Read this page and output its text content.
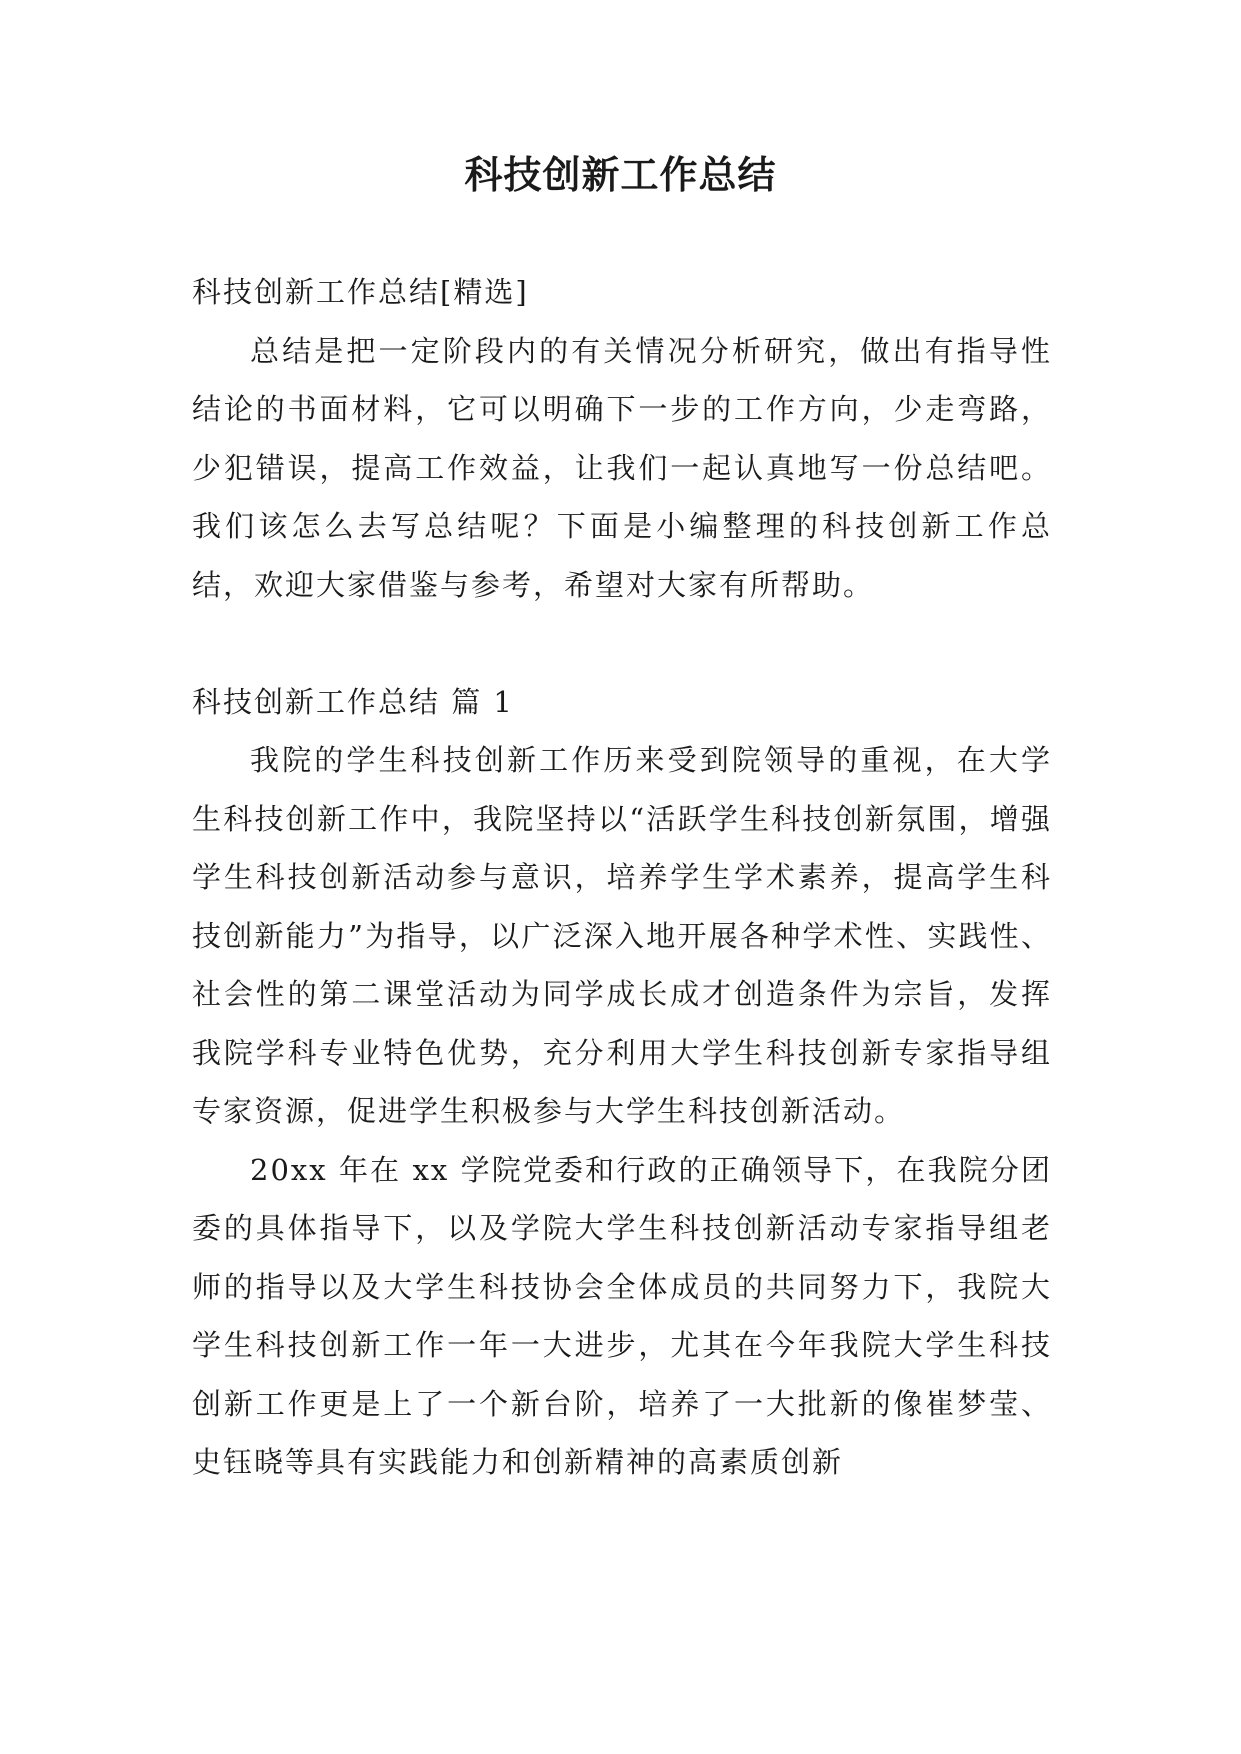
科技创新工作总结

科技创新工作总结[精选]

总结是把一定阶段内的有关情况分析研究，做出有指导性结论的书面材料，它可以明确下一步的工作方向，少走弯路，少犯错误，提高工作效益，让我们一起认真地写一份总结吧。我们该怎么去写总结呢？下面是小编整理的科技创新工作总结，欢迎大家借鉴与参考，希望对大家有所帮助。

科技创新工作总结 篇 1

我院的学生科技创新工作历来受到院领导的重视，在大学生科技创新工作中，我院坚持以“活跃学生科技创新氛围，增强学生科技创新活动参与意识，培养学生学术素养，提高学生科技创新能力”为指导，以广泛深入地开展各种学术性、实践性、社会性的第二课堂活动为同学成长成才创造条件为宗旨，发挥我院学科专业特色优势，充分利用大学生科技创新专家指导组专家资源，促进学生积极参与大学生科技创新活动。

20xx 年在 xx 学院党委和行政的正确领导下，在我院分团委的具体指导下，以及学院大学生科技创新活动专家指导组老师的指导以及大学生科技协会全体成员的共同努力下，我院大学生科技创新工作一年一大进步，尤其在今年我院大学生科技创新工作更是上了一个新台阶，培养了一大批新的像崔梦莹、史钰晓等具有实践能力和创新精神的高素质创新
